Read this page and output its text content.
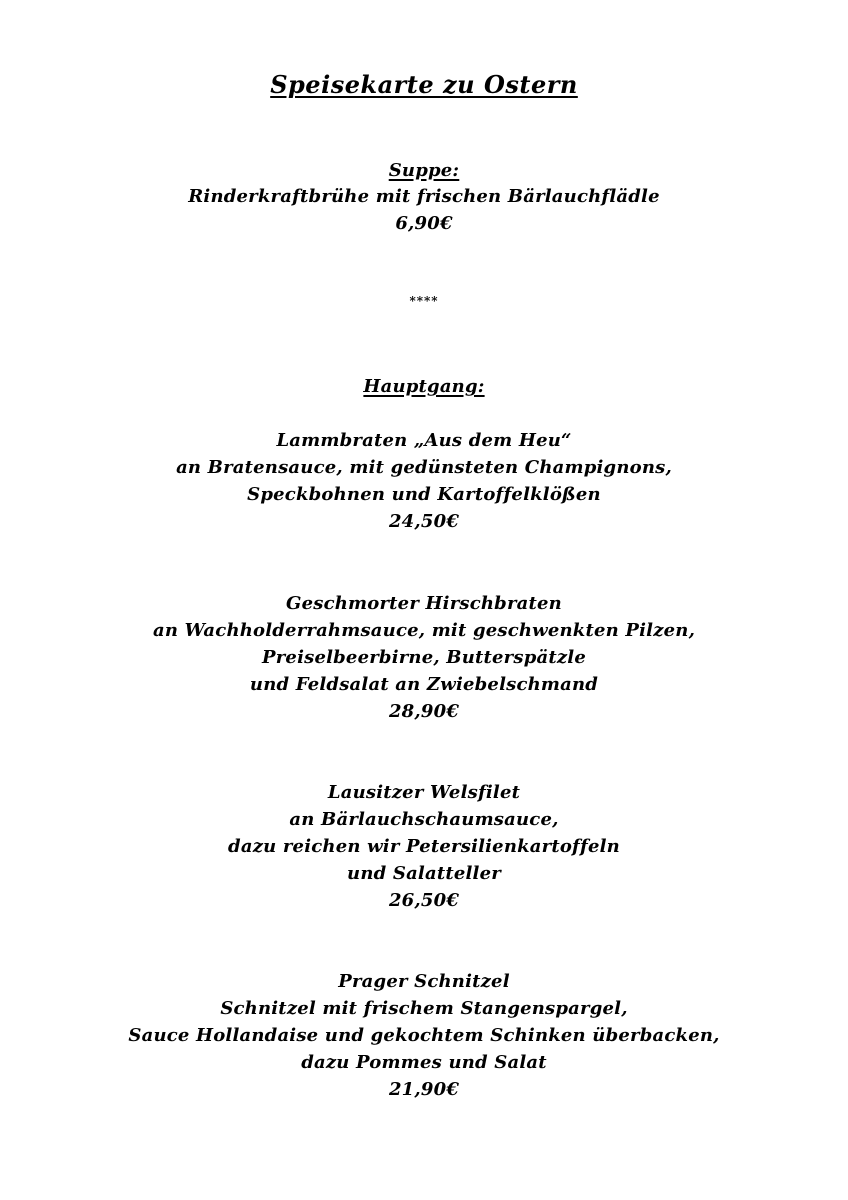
Speisekarte zu Ostern
Suppe:
Rinderkraftbrühe mit frischen Bärlauchflädle
6,90€
****
Hauptgang:
Lammbraten „Aus dem Heu“
an Bratensauce, mit gedünsteten Champignons,
Speckbohnen und Kartoffelklößen
24,50€
Geschmorter Hirschbraten
an Wachholderrahmsauce, mit geschwenkten Pilzen,
Preiselbeerbirne, Butterspätzle
und Feldsalat an Zwiebelschmand
28,90€
Lausitzer Welsfilet
an Bärlauchschaumsauce,
dazu reichen wir Petersilienkartoffeln
und Salatteller
26,50€
Prager Schnitzel
Schnitzel mit frischem Stangenspargel,
Sauce Hollandaise und gekochtem Schinken überbacken,
dazu Pommes und Salat
21,90€
